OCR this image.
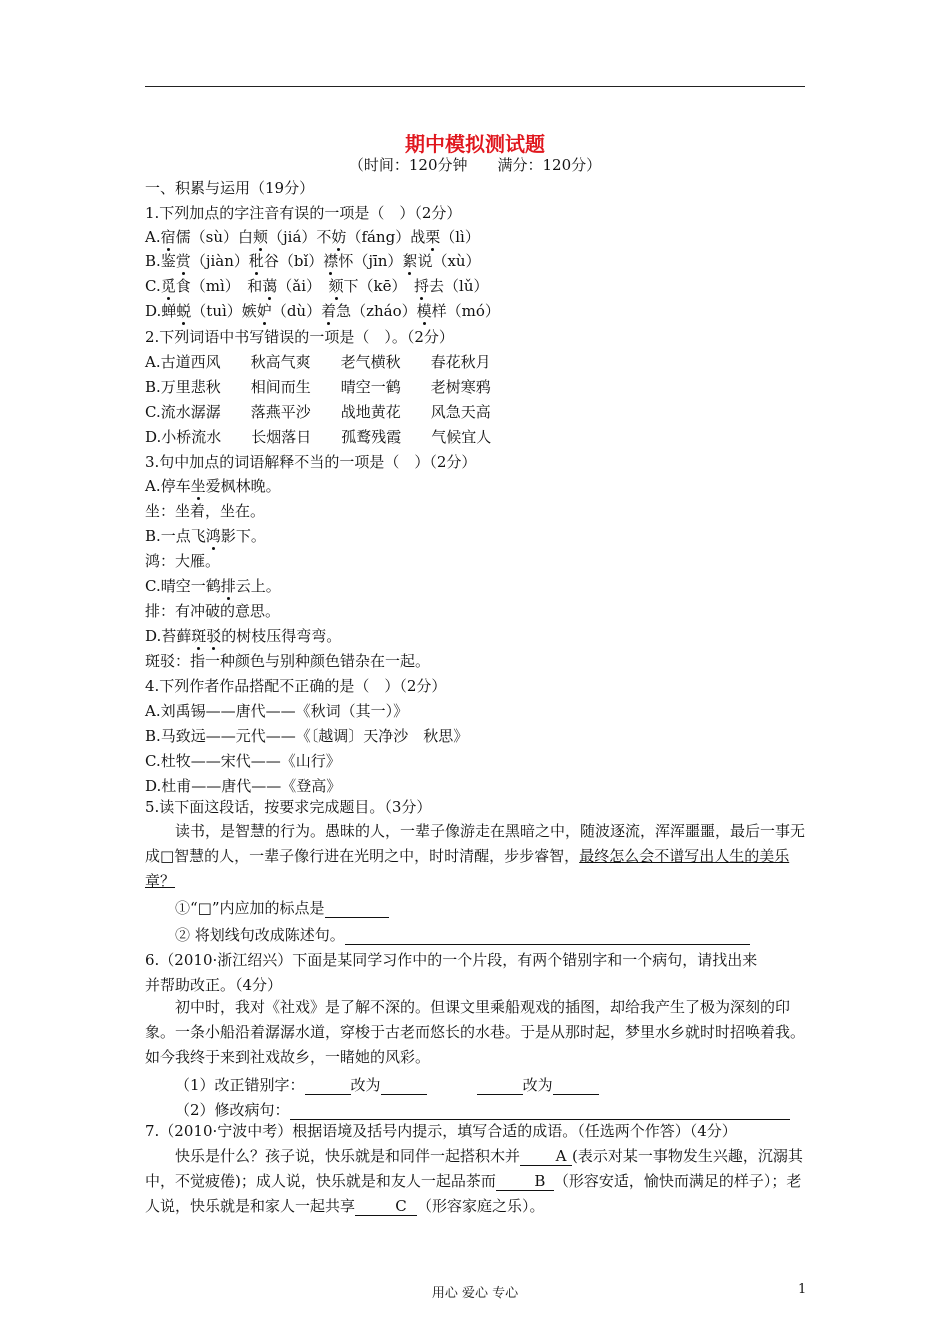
期中模拟测试题
（时间：120分钟　　满分：120分）
一、积累与运用（19分）
1.下列加点的字注音有误的一项是（　）（2分）
A.宿儒（sù）白颊（jiá）不妨（fáng）战栗（lì）
B.鉴赏（jiàn）秕谷（bǐ）襟怀（jīn）絮说（xù）
C.觅食（mì）　和蔼（ǎi）　颏下（kē）　捋去（lǔ）
D.蝉蜕（tuì）嫉妒（dù）着急（zháo）模样（mó）
2.下列词语中书写错误的一项是（　）。（2分）
A.古道西风　　秋高气爽　　老气横秋　　春花秋月
B.万里悲秋　　相间而生　　晴空一鹤　　老树寒鸦
C.流水潺潺　　落燕平沙　　战地黄花　　风急天高
D.小桥流水　　长烟落日　　孤鹜残霞　　气候宜人
3.句中加点的词语解释不当的一项是（　）（2分）
A.停车坐爱枫林晚。
坐：坐着，坐在。
B.一点飞鸿影下。
鸿：大雁。
C.晴空一鹤排云上。
排：有冲破的意思。
D.苔藓斑驳的树枝压得弯弯。
斑驳：指一种颜色与别种颜色错杂在一起。
4.下列作者作品搭配不正确的是（　）（2分）
A.刘禹锡——唐代——《秋词（其一）》
B.马致远——元代——《〔越调〕天净沙　秋思》
C.杜牧——宋代——《山行》
D.杜甫——唐代——《登高》
5.读下面这段话，按要求完成题目。（3分）
读书，是智慧的行为。愚昧的人，一辈子像游走在黑暗之中，随波逐流，浑浑噩噩，最后一事无成□智慧的人，一辈子像行进在光明之中，时时清醒，步步睿智，最终怎么会不谱写出人生的美乐章？
①“□”内应加的标点是
② 将划线句改成陈述句。
6.（2010·浙江绍兴）下面是某同学习作中的一个片段，有两个错别字和一个病句，请找出来
并帮助改正。（4分）
初中时，我对《社戏》是了解不深的。但课文里乘船观戏的插图，却给我产生了极为深刻的印象。一条小船沿着潺潺水道，穿梭于古老而悠长的水巷。于是从那时起，梦里水乡就时时招唤着我。如今我终于来到社戏故乡，一睹她的风彩。
（1）改正错别字：	改为	改为
（2）修改病句：
7.（2010·宁波中考）根据语境及括号内提示，填写合适的成语。（任选两个作答）（4分）
快乐是什么？孩子说，快乐就是和同伴一起搭积木并 A (表示对某一事物发生兴趣，沉溺其中，不觉疲倦)；成人说，快乐就是和友人一起品茶而	B （形容安适，愉快而满足的样子）；老人说，快乐就是和家人一起共享	C （形容家庭之乐）。
用心 爱心 专心	1
